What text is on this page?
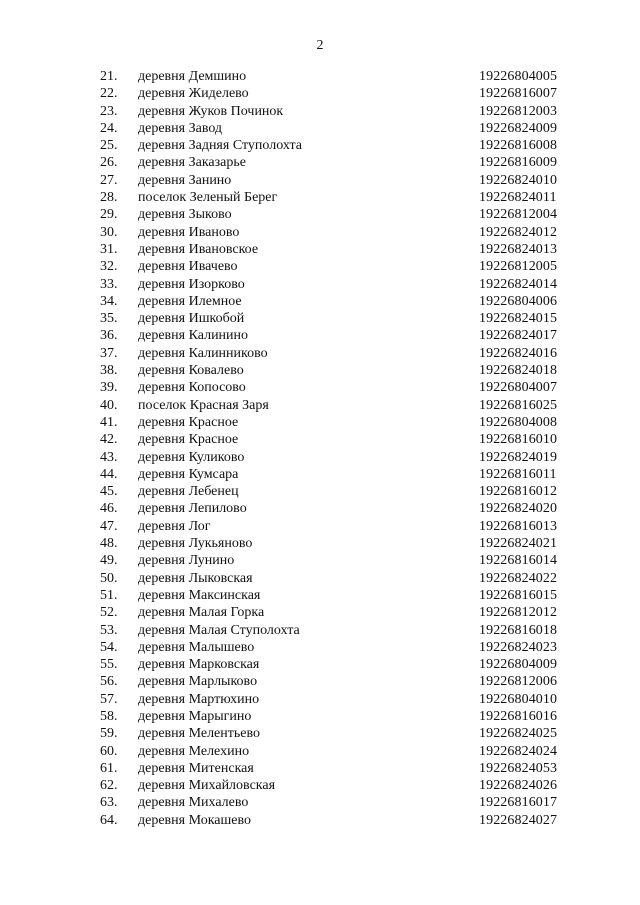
2
21.	деревня Демшино	19226804005
22.	деревня Жиделево	19226816007
23.	деревня Жуков Починок	19226812003
24.	деревня Завод	19226824009
25.	деревня Задняя Ступолохта	19226816008
26.	деревня Заказарье	19226816009
27.	деревня Занино	19226824010
28.	поселок Зеленый Берег	19226824011
29.	деревня Зыково	19226812004
30.	деревня Иваново	19226824012
31.	деревня Ивановское	19226824013
32.	деревня Ивачево	19226812005
33.	деревня Изорково	19226824014
34.	деревня Илемное	19226804006
35.	деревня Ишкобой	19226824015
36.	деревня Калинино	19226824017
37.	деревня Калинниково	19226824016
38.	деревня Ковалево	19226824018
39.	деревня Копосово	19226804007
40.	поселок Красная Заря	19226816025
41.	деревня Красное	19226804008
42.	деревня Красное	19226816010
43.	деревня Куликово	19226824019
44.	деревня Кумсара	19226816011
45.	деревня Лебенец	19226816012
46.	деревня Лепилово	19226824020
47.	деревня Лог	19226816013
48.	деревня Лукьяново	19226824021
49.	деревня Лунино	19226816014
50.	деревня Лыковская	19226824022
51.	деревня Максинская	19226816015
52.	деревня Малая Горка	19226812012
53.	деревня Малая Ступолохта	19226816018
54.	деревня Малышево	19226824023
55.	деревня Марковская	19226804009
56.	деревня Марлыково	19226812006
57.	деревня Мартюхино	19226804010
58.	деревня Марыгино	19226816016
59.	деревня Мелентьево	19226824025
60.	деревня Мелехино	19226824024
61.	деревня Митенская	19226824053
62.	деревня Михайловская	19226824026
63.	деревня Михалево	19226816017
64.	деревня Мокашево	19226824027
